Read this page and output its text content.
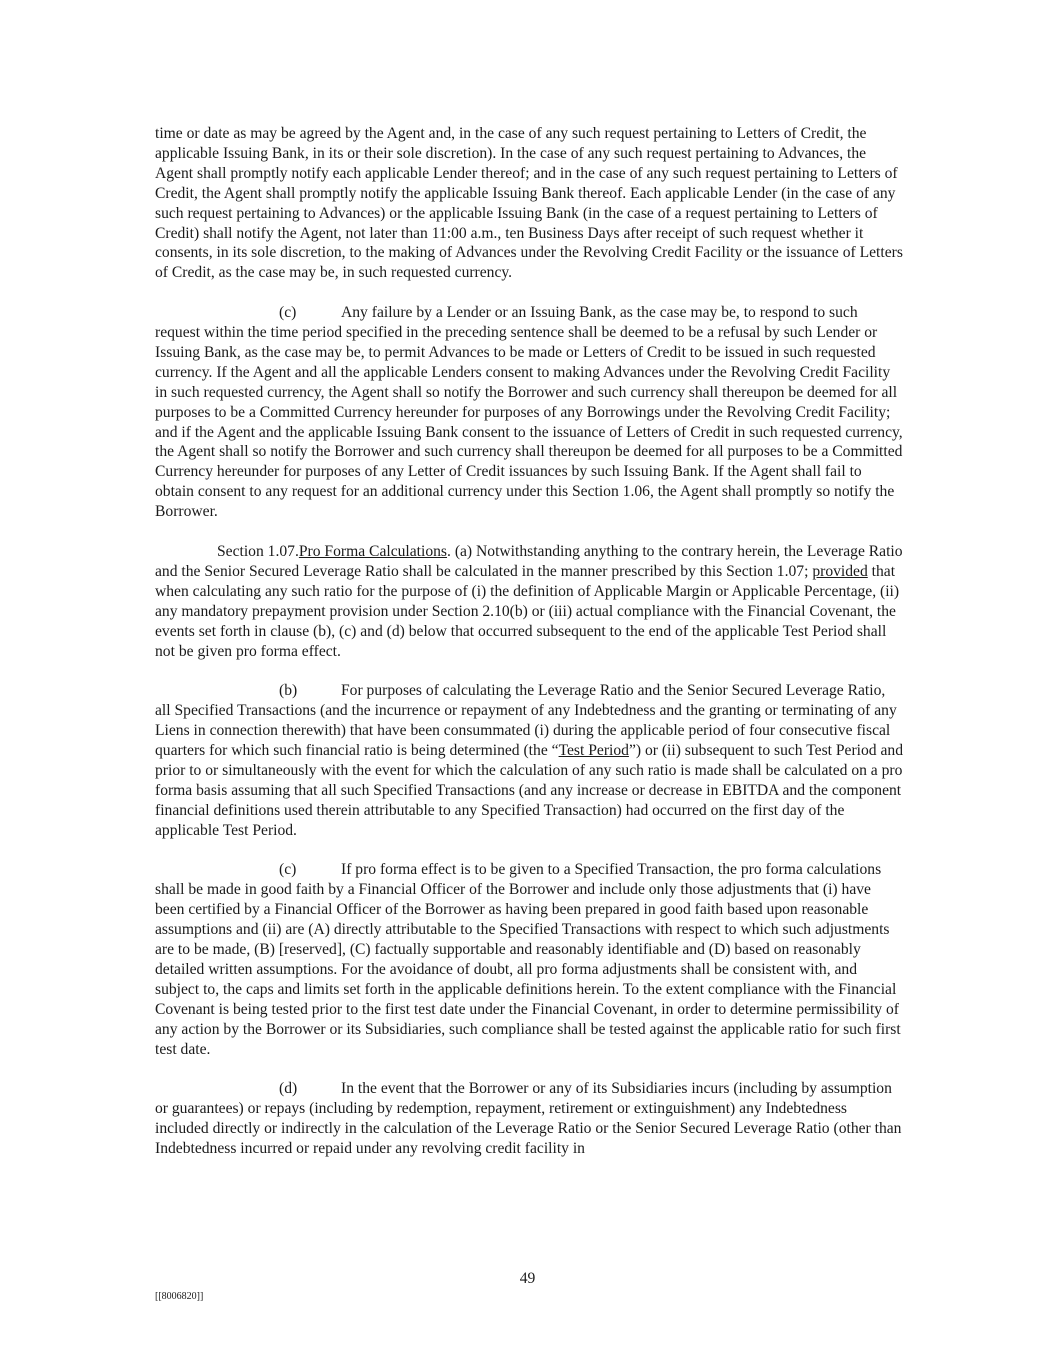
time or date as may be agreed by the Agent and, in the case of any such request pertaining to Letters of Credit, the applicable Issuing Bank, in its or their sole discretion). In the case of any such request pertaining to Advances, the Agent shall promptly notify each applicable Lender thereof; and in the case of any such request pertaining to Letters of Credit, the Agent shall promptly notify the applicable Issuing Bank thereof. Each applicable Lender (in the case of any such request pertaining to Advances) or the applicable Issuing Bank (in the case of a request pertaining to Letters of Credit) shall notify the Agent, not later than 11:00 a.m., ten Business Days after receipt of such request whether it consents, in its sole discretion, to the making of Advances under the Revolving Credit Facility or the issuance of Letters of Credit, as the case may be, in such requested currency.

(c)	Any failure by a Lender or an Issuing Bank, as the case may be, to respond to such request within the time period specified in the preceding sentence shall be deemed to be a refusal by such Lender or Issuing Bank, as the case may be, to permit Advances to be made or Letters of Credit to be issued in such requested currency. If the Agent and all the applicable Lenders consent to making Advances under the Revolving Credit Facility in such requested currency, the Agent shall so notify the Borrower and such currency shall thereupon be deemed for all purposes to be a Committed Currency hereunder for purposes of any Borrowings under the Revolving Credit Facility; and if the Agent and the applicable Issuing Bank consent to the issuance of Letters of Credit in such requested currency, the Agent shall so notify the Borrower and such currency shall thereupon be deemed for all purposes to be a Committed Currency hereunder for purposes of any Letter of Credit issuances by such Issuing Bank. If the Agent shall fail to obtain consent to any request for an additional currency under this Section 1.06, the Agent shall promptly so notify the Borrower.

Section 1.07.Pro Forma Calculations. (a) Notwithstanding anything to the contrary herein, the Leverage Ratio and the Senior Secured Leverage Ratio shall be calculated in the manner prescribed by this Section 1.07; provided that when calculating any such ratio for the purpose of (i) the definition of Applicable Margin or Applicable Percentage, (ii) any mandatory prepayment provision under Section 2.10(b) or (iii) actual compliance with the Financial Covenant, the events set forth in clause (b), (c) and (d) below that occurred subsequent to the end of the applicable Test Period shall not be given pro forma effect.

(b)	For purposes of calculating the Leverage Ratio and the Senior Secured Leverage Ratio, all Specified Transactions (and the incurrence or repayment of any Indebtedness and the granting or terminating of any Liens in connection therewith) that have been consummated (i) during the applicable period of four consecutive fiscal quarters for which such financial ratio is being determined (the “Test Period”) or (ii) subsequent to such Test Period and prior to or simultaneously with the event for which the calculation of any such ratio is made shall be calculated on a pro forma basis assuming that all such Specified Transactions (and any increase or decrease in EBITDA and the component financial definitions used therein attributable to any Specified Transaction) had occurred on the first day of the applicable Test Period.

(c)	If pro forma effect is to be given to a Specified Transaction, the pro forma calculations shall be made in good faith by a Financial Officer of the Borrower and include only those adjustments that (i) have been certified by a Financial Officer of the Borrower as having been prepared in good faith based upon reasonable assumptions and (ii) are (A) directly attributable to the Specified Transactions with respect to which such adjustments are to be made, (B) [reserved], (C) factually supportable and reasonably identifiable and (D) based on reasonably detailed written assumptions. For the avoidance of doubt, all pro forma adjustments shall be consistent with, and subject to, the caps and limits set forth in the applicable definitions herein. To the extent compliance with the Financial Covenant is being tested prior to the first test date under the Financial Covenant, in order to determine permissibility of any action by the Borrower or its Subsidiaries, such compliance shall be tested against the applicable ratio for such first test date.

(d)	In the event that the Borrower or any of its Subsidiaries incurs (including by assumption or guarantees) or repays (including by redemption, repayment, retirement or extinguishment) any Indebtedness included directly or indirectly in the calculation of the Leverage Ratio or the Senior Secured Leverage Ratio (other than Indebtedness incurred or repaid under any revolving credit facility in

49
[[8006820]]
